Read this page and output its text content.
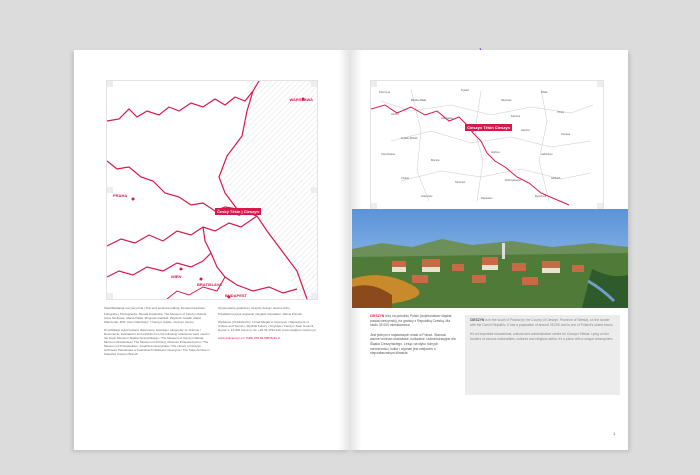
WARSZAWA
PRAHA
WIEN
BRATISLAVA
BUDAPEST
Český Těšín | Cieszyn
Pszczyna
Bielsko-Biała
Żywiec
Skoczów
Wisła
Ustroń
Jastrzębie
Karviná
Třinec
Frýdek-Místek
Havířov
Ostrava
Czechowice
Brenna
Istebna
Jablunkov
Chybie
Strumień
Zebrzydowice
Hażlach
Goleszów
Dębowiec
Bystrzyca
Cieszyn Těšín Cieszyn
Tekst/Redakcja merytoryczna | Text and technical editing: Renata Karpińska
Fotografie | Photographs: Renata Karpińska, The Museum of Cieszyn Silesia, Anna Szołtysek, Marek Pałka, Zbigniew Geblicki, Wojciech Gawlik, Rafał Wieczorek, ZDK „Dom Narodowy” / Cieszyn Castle, Cieszyn Centre
W publikacji wykorzystano dokumenty, ilustracje i eksponaty ze zbiorów / Documents, illustrations and exhibits from the following collections were used in the book: Muzeum Śląska Cieszyńskiego / The Museum of Cieszyn Silesia, Muzeum Drukarstwa / The Museum of Printing, Muzeum Protestantyzmu / The Museum of Protestantism, Książnica Cieszyńska / The Library of Cieszyn, Archiwum Państwowe w Katowicach Oddział w Cieszynie / The State Archive in Katowice Cieszyn Branch
Opracowanie graficzne | Graphic design: Hanna Ochs
Przekład na język angielski | English translation: Daniel Prinsch
Wydawca | Published by: Urząd Miejski w Cieszynie / Department of Culture and Tourism, Wydział Kultury i Turystyki / Cieszyn Town Council, Rynek 1, 43-400 Cieszyn, tel. +48 33 4794 240, promocja@um.cieszyn.pl
www.visitcieszyn.pl / ISBN 978-83-89835-66-9
CIESZYN leży na południu Polski (województwo śląskie, powiat cieszyński), na granicy z Republiką Czeską. Ma około 35 000 mieszkańców.
Jest jednym z najstarszych miast w Polsce. Stanowi ważne centrum oświatowe, kulturalne i administracyjne dla Śląska Cieszyńskiego. Leżąc na styku różnych narodowości, kultur i wyznań jest miejscem o niepowtarzalnym klimacie.
CIESZYN is in the south of Poland (in the County of Cieszyn, Province of Silesia), on the border with the Czech Republic. It has a population of around 35,000 and is one of Poland's oldest towns.
It's an important educational, cultural and administrative centre for Cieszyn Silesia. Lying on the borders of various nationalities, cultures and religious faiths, it's a place with a unique atmosphere.
1
